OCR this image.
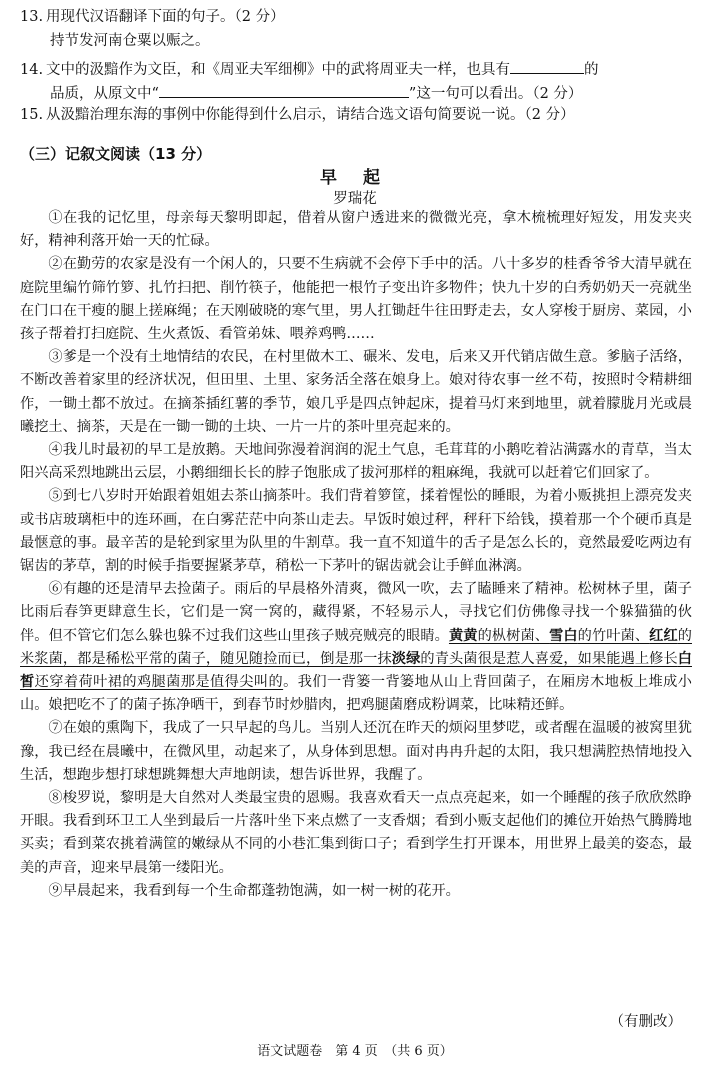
13. 用现代汉语翻译下面的句子。（2 分）
持节发河南仓粟以赈之。
14. 文中的汲黯作为文臣，和《周亚夫军细柳》中的武将周亚夫一样，也具有	的
品质，从原文中“	”这一句可以看出。（2 分）
15. 从汲黯治理东海的事例中你能得到什么启示，请结合选文语句简要说一说。（2 分）
（三）记叙文阅读（13 分）
早 起
罗瑞花

①在我的记忆里，母亲每天黎明即起，借着从窗户透进来的微微光亮，拿木梳梳理好短发，用发夹夹好，精神利落开始一天的忙碌。

②在勤劳的农家是没有一个闲人的，只要不生病就不会停下手中的活。八十多岁的桂香爷爷大清早就在庭院里编竹筛竹箩、扎竹扫把、削竹筷子，他能把一根竹子变出许多物件；快九十岁的白秀奶奶天一亮就坐在门口在干瘦的腿上搓麻绳；在天刚破晓的寒气里，男人扛锄赶牛往田野走去，女人穿梭于厨房、菜园，小孩子帮着打扫庭院、生火煮饭、看管弟妹、喂养鸡鸭……

③爹是一个没有土地情结的农民，在村里做木工、碾米、发电，后来又开代销店做生意。爹脑子活络，不断改善着家里的经济状况，但田里、土里、家务活全落在娘身上。娘对待农事一丝不苟，按照时令精耕细作，一锄土都不放过。在摘茶插红薯的季节，娘几乎是四点钟起床，提着马灯来到地里，就着朦胧月光或晨曦挖土、摘茶，天是在一锄一锄的土块、一片一片的茶叶里亮起来的。

④我儿时最初的早工是放鹅。天地间弥漫着润润的泥土气息，毛茸茸的小鹅吃着沾满露水的青草，当太阳兴高采烈地跳出云层，小鹅细细长长的脖子饱胀成了拔河那样的粗麻绳，我就可以赶着它们回家了。

⑤到七八岁时开始跟着姐姐去茶山摘茶叶。我们背着箩筐，揉着惺忪的睡眼，为着小贩挑担上漂亮发夹或书店玻璃柜中的连环画，在白雾茫茫中向茶山走去。早饭时娘过秤，秤秆下给钱，摸着那一个个硬币真是最惬意的事。最辛苦的是轮到家里为队里的牛割草。我一直不知道牛的舌子是怎么长的，竟然最爱吃两边有锯齿的茅草，割的时候手指要握紧茅草，稍松一下茅叶的锯齿就会让手鲜血淋漓。

⑥有趣的还是清早去捡菌子。雨后的早晨格外清爽，微风一吹，去了瞌睡来了精神。松树林子里，菌子比雨后春笋更肆意生长，它们是一窝一窝的，藏得紧，不轻易示人，寻找它们仿佛像寻找一个躲猫猫的伙伴。但不管它们怎么躲也躲不过我们这些山里孩子贼亮贼亮的眼睛。黄黄的枞树菌、雪白的竹叶菌、红红的米浆菌，都是稀松平常的菌子，随见随捡而已，倒是那一抹淡绿的青头菌很是惹人喜爱，如果能遇上修长白皙还穿着荷叶裙的鸡腿菌那是值得尖叫的。我们一背篓一背篓地从山上背回菌子，在厢房木地板上堆成小山。娘把吃不了的菌子拣净晒干，到春节时炒腊肉，把鸡腿菌磨成粉调菜，比味精还鲜。

⑦在娘的熏陶下，我成了一只早起的鸟儿。当别人还沉在昨天的烦闷里梦呓，或者醒在温暖的被窝里犹豫，我已经在晨曦中，在微风里，动起来了，从身体到思想。面对冉冉升起的太阳，我只想满腔热情地投入生活，想跑步想打球想跳舞想大声地朗读，想告诉世界，我醒了。

⑧梭罗说，黎明是大自然对人类最宝贵的恩赐。我喜欢看天一点点亮起来，如一个睡醒的孩子欣欣然睁开眼。我看到环卫工人坐到最后一片落叶坐下来点燃了一支香烟；看到小贩支起他们的摊位开始热气腾腾地买卖；看到菜农挑着满筐的嫩绿从不同的小巷汇集到街口子；看到学生打开课本，用世界上最美的姿态，最美的声音，迎来早晨第一缕阳光。

⑨早晨起来，我看到每一个生命都蓬勃饱满，如一树一树的花开。

（有删改）
语文试题卷　第 4 页　（共 6 页）
